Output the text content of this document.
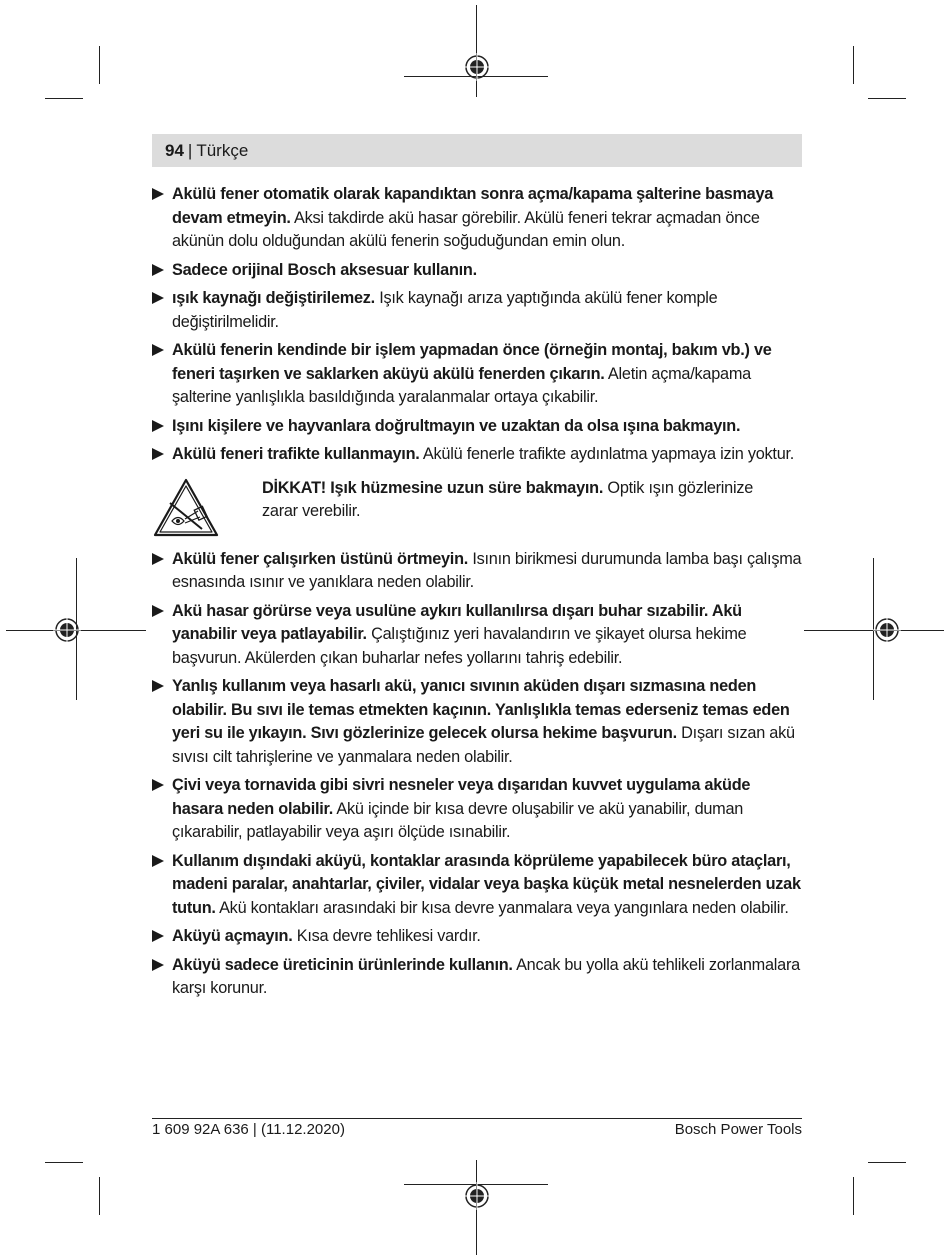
94 | Türkçe
Akülü fener otomatik olarak kapandıktan sonra açma/kapama şalterine basmaya devam etmeyin. Aksi takdirde akü hasar görebilir. Akülü feneri tekrar açmadan önce akünün dolu olduğundan akülü fenerin soğuduğundan emin olun.
Sadece orijinal Bosch aksesuar kullanın.
ışık kaynağı değiştirilemez. Işık kaynağı arıza yaptığında akülü fener komple değiştirilmelidir.
Akülü fenerin kendinde bir işlem yapmadan önce (örneğin montaj, bakım vb.) ve feneri taşırken ve saklarken aküyü akülü fenerden çıkarın. Aletin açma/kapama şalterine yanlışlıkla basıldığında yaralanmalar ortaya çıkabilir.
Işını kişilere ve hayvanlara doğrultmayın ve uzaktan da olsa ışına bakmayın.
Akülü feneri trafikte kullanmayın. Akülü fenerle trafikte aydınlatma yapmaya izin yoktur.
DİKKAT! Işık hüzmesine uzun süre bakmayın. Optik ışın gözlerinize zarar verebilir.
Akülü fener çalışırken üstünü örtmeyin. Isının birikmesi durumunda lamba başı çalışma esnasında ısınır ve yanıklara neden olabilir.
Akü hasar görürse veya usulüne aykırı kullanılırsa dışarı buhar sızabilir. Akü yanabilir veya patlayabilir. Çalıştığınız yeri havalandırın ve şikayet olursa hekime başvurun. Akülerden çıkan buharlar nefes yollarını tahriş edebilir.
Yanlış kullanım veya hasarlı akü, yanıcı sıvının aküden dışarı sızmasına neden olabilir. Bu sıvı ile temas etmekten kaçının. Yanlışlıkla temas ederseniz temas eden yeri su ile yıkayın. Sıvı gözlerinize gelecek olursa hekime başvurun. Dışarı sızan akü sıvısı cilt tahrişlerine ve yanmalara neden olabilir.
Çivi veya tornavida gibi sivri nesneler veya dışarıdan kuvvet uygulama aküde hasara neden olabilir. Akü içinde bir kısa devre oluşabilir ve akü yanabilir, duman çıkarabilir, patlayabilir veya aşırı ölçüde ısınabilir.
Kullanım dışındaki aküyü, kontaklar arasında köprüleme yapabilecek büro ataçları, madeni paralar, anahtarlar, çiviler, vidalar veya başka küçük metal nesnelerden uzak tutun. Akü kontakları arasındaki bir kısa devre yanmalara veya yangınlara neden olabilir.
Aküyü açmayın. Kısa devre tehlikesi vardır.
Aküyü sadece üreticinin ürünlerinde kullanın. Ancak bu yolla akü tehlikeli zorlanmalara karşı korunur.
1 609 92A 636 | (11.12.2020)	Bosch Power Tools
